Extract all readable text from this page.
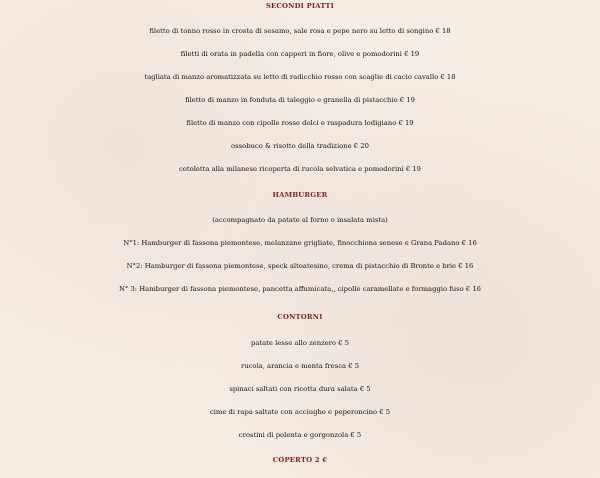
SECONDI PIATTI
filetto di tonno rosso in crosta di sesamo, sale rosa e pepe nero su letto di songino € 18
filetti di orata in padella con capperi in fiore, olive e pomodorini € 19
tagliata di manzo aromatizzata su letto di radicchio rosso con scaglie di cacio cavallo € 18
filetto di manzo in fonduta di taleggio e granella di pistacchio € 19
filetto di manzo con cipolle rosse dolci e raspadura lodigiano € 19
ossobuco & risotto della tradizione € 20
cotoletta alla milanese ricoperta di rucola selvatica e pomodorini € 19
HAMBURGER
(accompagnato da patate al forno o insalata mista)
N°1: Hamburger di fassona piemontese, melanzane grigliate, finocchiona senese e Grana Padano € 16
N°2: Hamburger di fassona piemontese, speck altoatesino, crema di pistacchio di Bronte e brie € 16
N° 3: Hamburger di fassona piemontese, pancetta affumicata,, cipolle caramellate e formaggio fuso € 16
CONTORNI
patate lesse allo zenzero € 5
rucola, arancia e menta fresca € 5
spinaci saltati con ricotta dura salata € 5
cime di rapa saltate con acciughe e peperoncino € 5
crostini di polenta e gorgonzola € 5
COPERTO 2 €
